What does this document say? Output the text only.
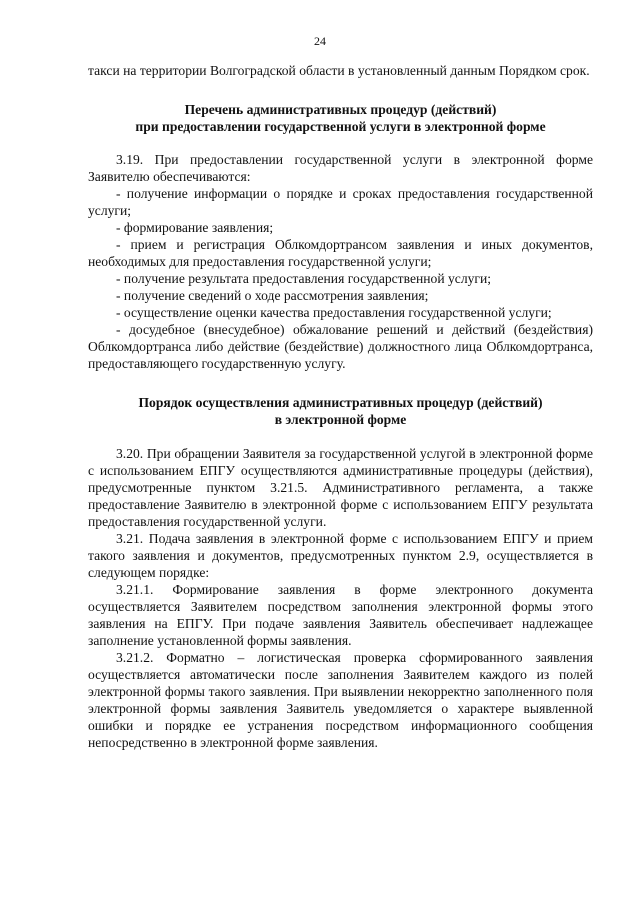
24

такси на территории Волгоградской области в установленный данным Порядком срок.

Перечень административных процедур (действий)
при предоставлении государственной услуги в электронной форме

3.19. При предоставлении государственной услуги в электронной форме Заявителю обеспечиваются:

- получение информации о порядке и сроках предоставления государственной услуги;

- формирование заявления;

- прием и регистрация Облкомдортрансом заявления и иных документов, необходимых для предоставления государственной услуги;

- получение результата предоставления государственной услуги;

- получение сведений о ходе рассмотрения заявления;

- осуществление оценки качества предоставления государственной услуги;

- досудебное (внесудебное) обжалование решений и действий (бездействия) Облкомдортранса либо действие (бездействие) должностного лица Облкомдортранса, предоставляющего государственную услугу.

Порядок осуществления административных процедур (действий)
в электронной форме

3.20. При обращении Заявителя за государственной услугой в электронной форме с использованием ЕПГУ осуществляются административные процедуры (действия), предусмотренные пунктом 3.21.5. Административного регламента, а также предоставление Заявителю в электронной форме с использованием ЕПГУ результата предоставления государственной услуги.

3.21. Подача заявления в электронной форме с использованием ЕПГУ и прием такого заявления и документов, предусмотренных пунктом 2.9, осуществляется в следующем порядке:

3.21.1. Формирование заявления в форме электронного документа осуществляется Заявителем посредством заполнения электронной формы этого заявления на ЕПГУ. При подаче заявления Заявитель обеспечивает надлежащее заполнение установленной формы заявления.

3.21.2. Форматно – логистическая проверка сформированного заявления осуществляется автоматически после заполнения Заявителем каждого из полей электронной формы такого заявления. При выявлении некорректно заполненного поля электронной формы заявления Заявитель уведомляется о характере выявленной ошибки и порядке ее устранения посредством информационного сообщения непосредственно в электронной форме заявления.
